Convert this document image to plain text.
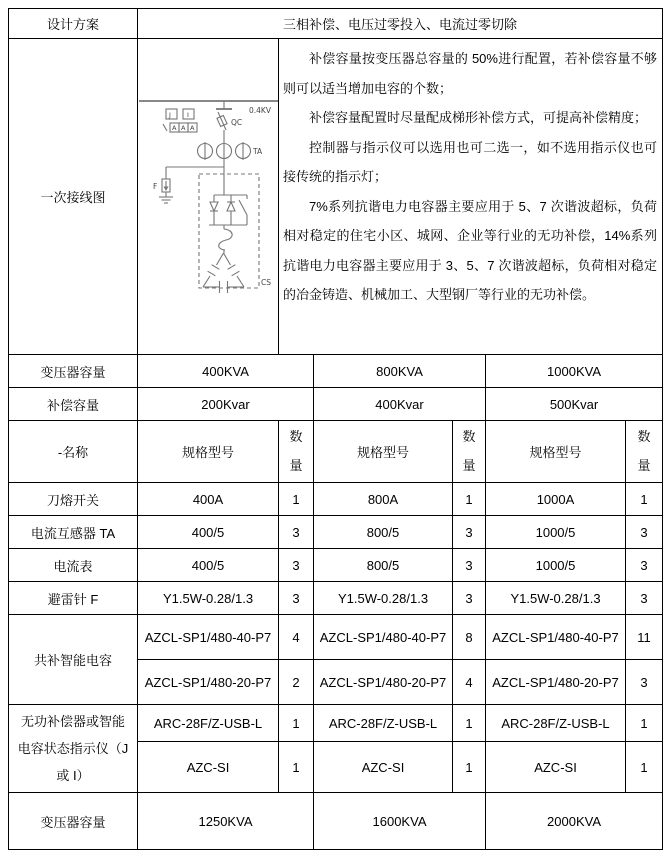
设计方案	三相补偿、电压过零投入、电流过零切除					
一次接线图	
0.4KV
QC
TA
F
CS
J I
A A A

补偿容量按变压器总容量的 50%进行配置，若补偿容量不够则可以适当增加电容的个数；

补偿容量配置时尽量配成梯形补偿方式，可提高补偿精度；

控制器与指示仪可以选用也可二选一，如不选用指示仪也可接传统的指示灯；

7%系列抗谐电力电容器主要应用于 5、7 次谐波超标，负荷相对稳定的住宅小区、城网、企业等行业的无功补偿，14%系列抗谐电力电容器主要应用于 3、5、7 次谐波超标，负荷相对稳定的冶金铸造、机械加工、大型钢厂等行业的无功补偿。

变压器容量	400KVA		800KVA		1000KVA	
补偿容量	200Kvar		400Kvar		500Kvar	
-名称	规格型号	数量	规格型号	数量	规格型号	数量
刀熔开关	400A	1	800A	1	1000A	1
电流互感器 TA	400/5	3	800/5	3	1000/5	3
电流表	400/5	3	800/5	3	1000/5	3
避雷针 F	Y1.5W-0.28/1.3	3	Y1.5W-0.28/1.3	3	Y1.5W-0.28/1.3	3
共补智能电容	AZCL-SP1/480-40-P7	4	AZCL-SP1/480-40-P7	8	AZCL-SP1/480-40-P7	11
	AZCL-SP1/480-20-P7	2	AZCL-SP1/480-20-P7	4	AZCL-SP1/480-20-P7	3
无功补偿器或智能电容状态指示仪（J 或 I）	ARC-28F/Z-USB-L	1	ARC-28F/Z-USB-L	1	ARC-28F/Z-USB-L	1
	AZC-SI	1	AZC-SI	1	AZC-SI	1
变压器容量	1250KVA		1600KVA		2000KVA	
